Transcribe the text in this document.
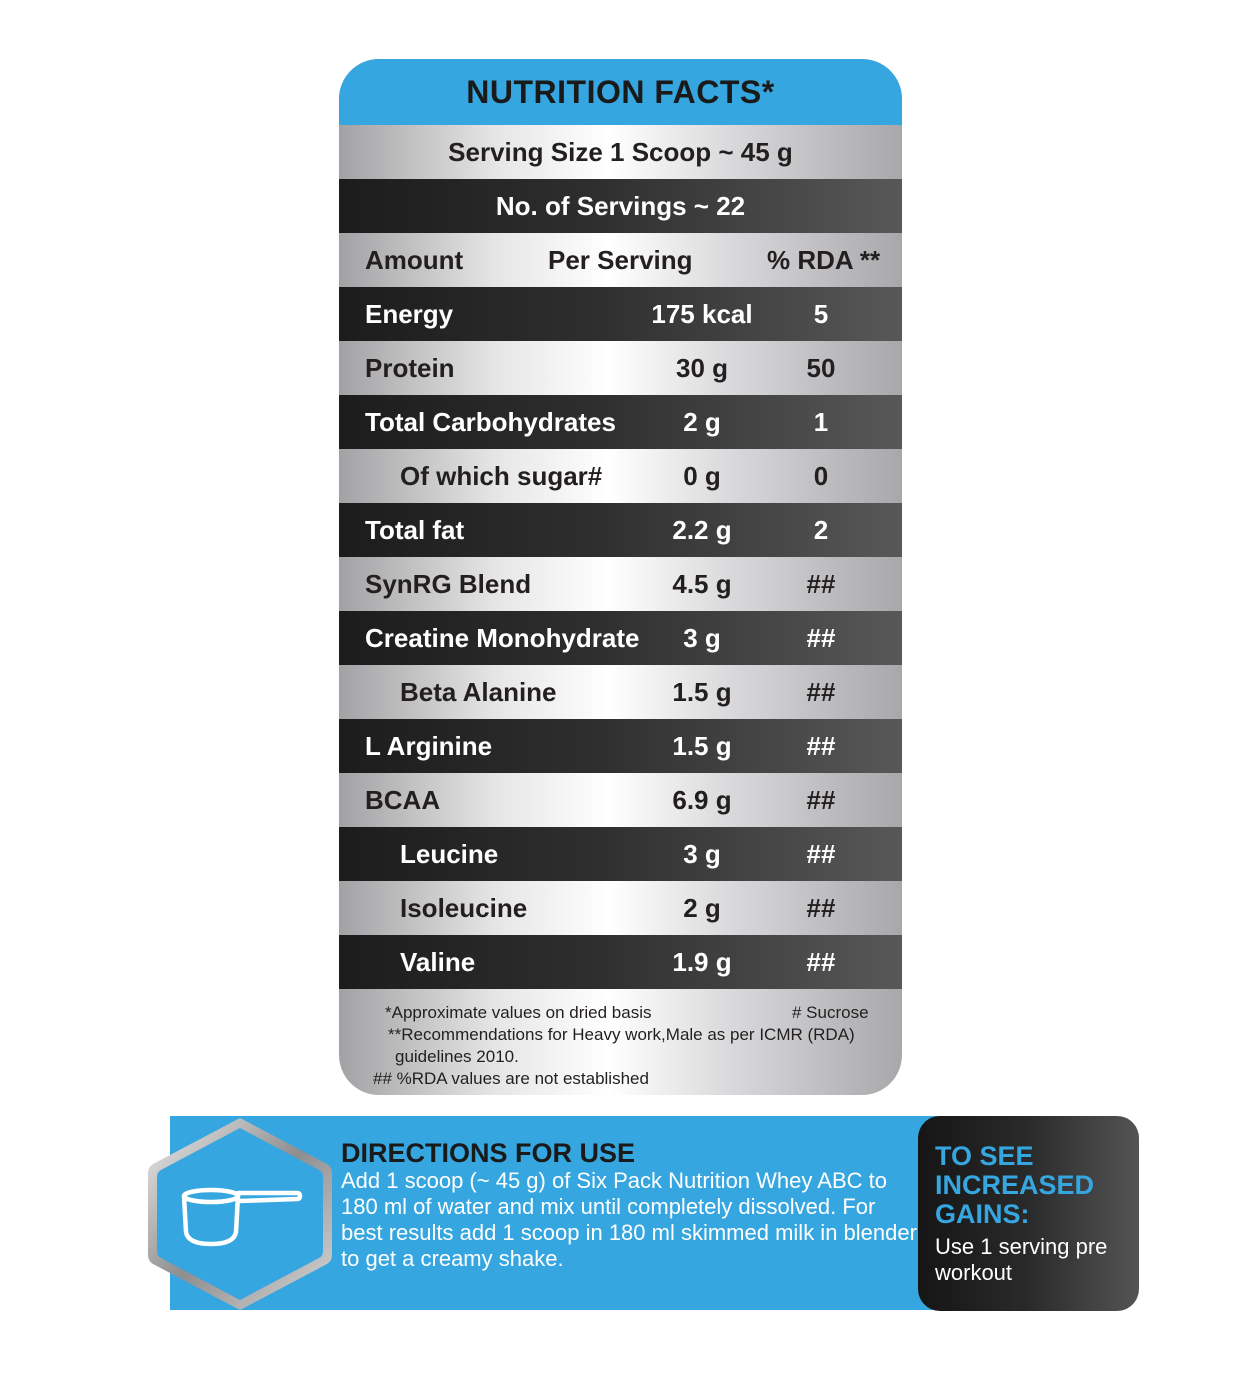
NUTRITION FACTS*
Serving Size 1 Scoop ~ 45 g
No. of Servings ~ 22
Amount	Per Serving	% RDA **
Energy	175 kcal	5
Protein	30 g	50
Total Carbohydrates	2 g	1
Of which sugar#	0 g	0
Total fat	2.2 g	2
SynRG Blend	4.5 g	##
Creatine Monohydrate	3 g	##
Beta Alanine	1.5 g	##
L Arginine	1.5 g	##
BCAA	6.9 g	##
Leucine	3 g	##
Isoleucine	2 g	##
Valine	1.9 g	##
*Approximate values on dried basis	# Sucrose
**Recommendations for Heavy work,Male as per ICMR (RDA)
guidelines 2010.
## %RDA values are not established
DIRECTIONS FOR USE
Add 1 scoop (~ 45 g) of Six Pack Nutrition Whey ABC to 180 ml of water and mix until completely dissolved. For best results add 1 scoop in 180 ml skimmed milk in blender to get a creamy shake.
TO SEE INCREASED GAINS:
Use 1 serving pre workout
